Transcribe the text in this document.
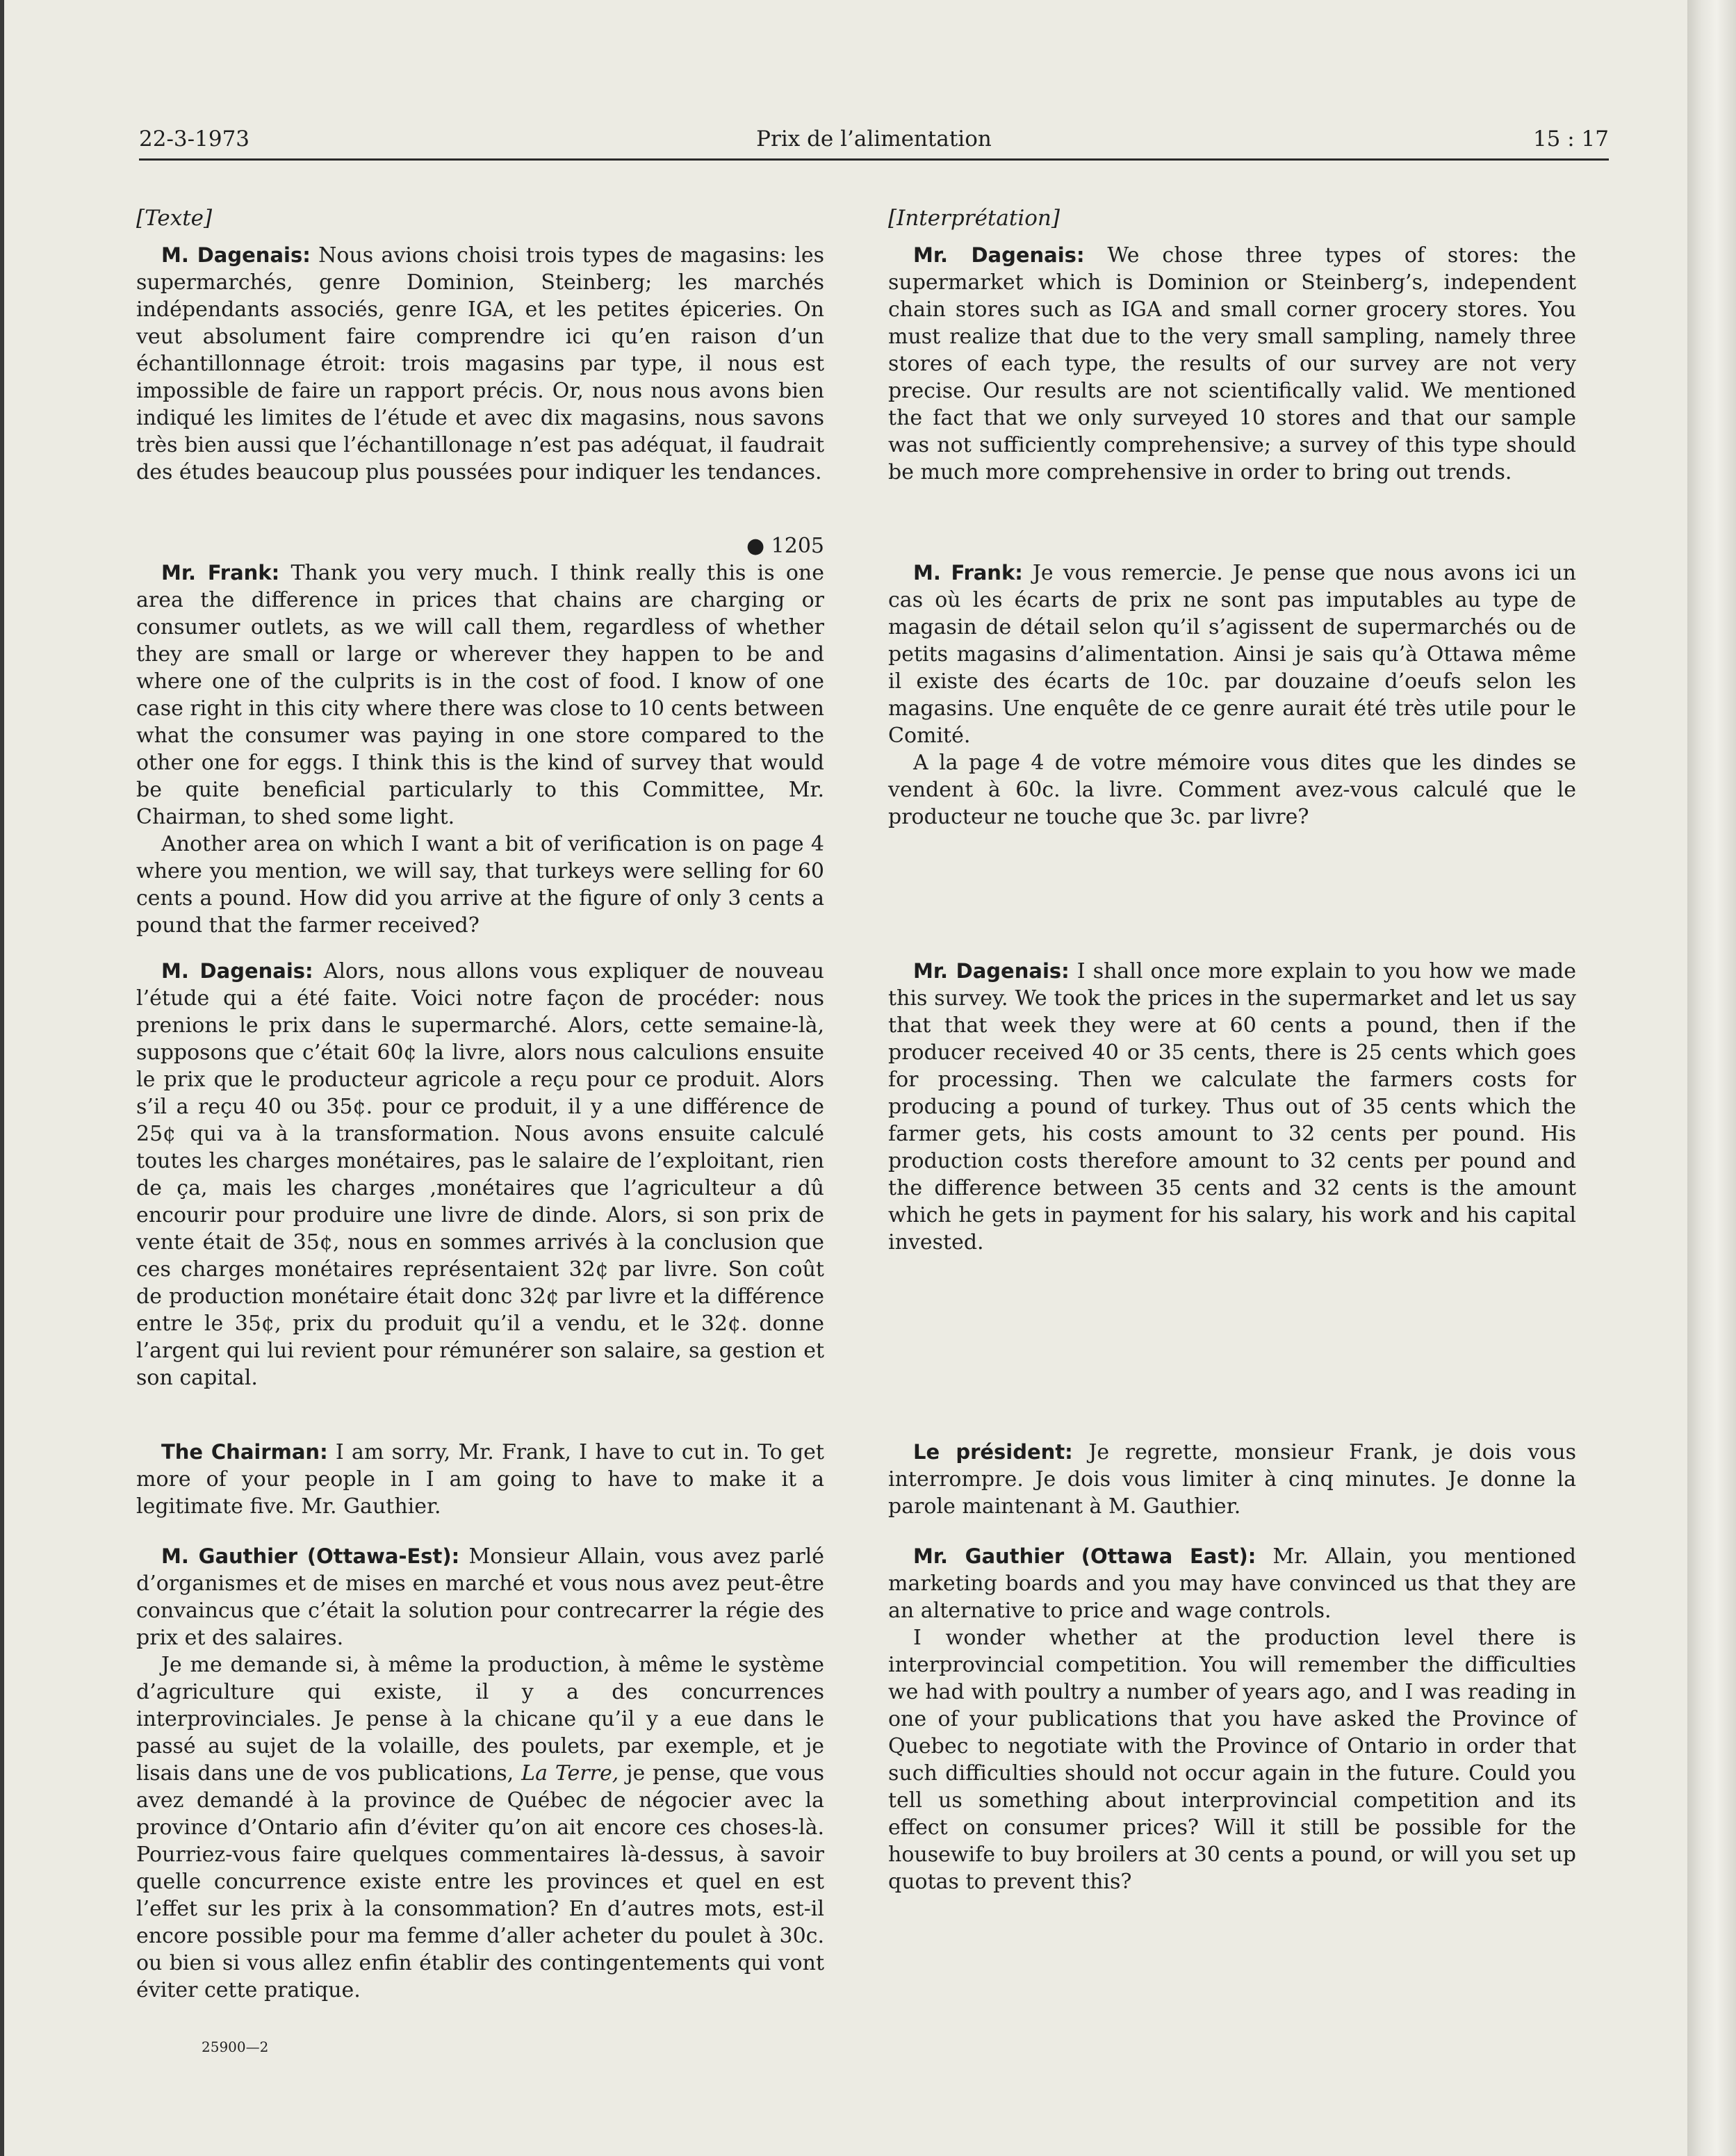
22-3-1973	Prix de l’alimentation	15 : 17
[Texte]

M. Dagenais: Nous avions choisi trois types de magasins: les supermarchés, genre Dominion, Steinberg; les marchés indépendants associés, genre IGA, et les petites épiceries. On veut absolument faire comprendre ici qu’en raison d’un échantillonnage étroit: trois magasins par type, il nous est impossible de faire un rapport précis. Or, nous nous avons bien indiqué les limites de l’étude et avec dix magasins, nous savons très bien aussi que l’échantillonage n’est pas adéquat, il faudrait des études beaucoup plus poussées pour indiquer les tendances.

● 1205

Mr. Frank: Thank you very much. I think really this is one area the difference in prices that chains are charging or consumer outlets, as we will call them, regardless of whether they are small or large or wherever they happen to be and where one of the culprits is in the cost of food. I know of one case right in this city where there was close to 10 cents between what the consumer was paying in one store compared to the other one for eggs. I think this is the kind of survey that would be quite beneficial particularly to this Committee, Mr. Chairman, to shed some light.

Another area on which I want a bit of verification is on page 4 where you mention, we will say, that turkeys were selling for 60 cents a pound. How did you arrive at the figure of only 3 cents a pound that the farmer received?

M. Dagenais: Alors, nous allons vous expliquer de nouveau l’étude qui a été faite. Voici notre façon de procéder: nous prenions le prix dans le supermarché. Alors, cette semaine-là, supposons que c’était 60¢ la livre, alors nous calculions ensuite le prix que le producteur agricole a reçu pour ce produit. Alors s’il a reçu 40 ou 35¢. pour ce produit, il y a une différence de 25¢ qui va à la transformation. Nous avons ensuite calculé toutes les charges monétaires, pas le salaire de l’exploitant, rien de ça, mais les charges ,monétaires que l’agriculteur a dû encourir pour produire une livre de dinde. Alors, si son prix de vente était de 35¢, nous en sommes arrivés à la conclusion que ces charges monétaires représentaient 32¢ par livre. Son coût de production monétaire était donc 32¢ par livre et la différence entre le 35¢, prix du produit qu’il a vendu, et le 32¢. donne l’argent qui lui revient pour rémunérer son salaire, sa gestion et son capital.

The Chairman: I am sorry, Mr. Frank, I have to cut in. To get more of your people in I am going to have to make it a legitimate five. Mr. Gauthier.

M. Gauthier (Ottawa-Est): Monsieur Allain, vous avez parlé d’organismes et de mises en marché et vous nous avez peut-être convaincus que c’était la solution pour contrecarrer la régie des prix et des salaires.

Je me demande si, à même la production, à même le système d’agriculture qui existe, il y a des concurrences interprovinciales. Je pense à la chicane qu’il y a eue dans le passé au sujet de la volaille, des poulets, par exemple, et je lisais dans une de vos publications, La Terre, je pense, que vous avez demandé à la province de Québec de négocier avec la province d’Ontario afin d’éviter qu’on ait encore ces choses-là. Pourriez-vous faire quelques commentaires là-dessus, à savoir quelle concurrence existe entre les provinces et quel en est l’effet sur les prix à la consommation? En d’autres mots, est-il encore possible pour ma femme d’aller acheter du poulet à 30c. ou bien si vous allez enfin établir des contingentements qui vont éviter cette pratique.

25900—2
[Interprétation]

Mr. Dagenais: We chose three types of stores: the supermarket which is Dominion or Steinberg’s, independent chain stores such as IGA and small corner grocery stores. You must realize that due to the very small sampling, namely three stores of each type, the results of our survey are not very precise. Our results are not scientifically valid. We mentioned the fact that we only surveyed 10 stores and that our sample was not sufficiently comprehensive; a survey of this type should be much more comprehensive in order to bring out trends.

M. Frank: Je vous remercie. Je pense que nous avons ici un cas où les écarts de prix ne sont pas imputables au type de magasin de détail selon qu’il s’agissent de supermarchés ou de petits magasins d’alimentation. Ainsi je sais qu’à Ottawa même il existe des écarts de 10c. par douzaine d’oeufs selon les magasins. Une enquête de ce genre aurait été très utile pour le Comité.

A la page 4 de votre mémoire vous dites que les dindes se vendent à 60c. la livre. Comment avez-vous calculé que le producteur ne touche que 3c. par livre?

Mr. Dagenais: I shall once more explain to you how we made this survey. We took the prices in the supermarket and let us say that that week they were at 60 cents a pound, then if the producer received 40 or 35 cents, there is 25 cents which goes for processing. Then we calculate the farmers costs for producing a pound of turkey. Thus out of 35 cents which the farmer gets, his costs amount to 32 cents per pound. His production costs therefore amount to 32 cents per pound and the difference between 35 cents and 32 cents is the amount which he gets in payment for his salary, his work and his capital invested.

Le président: Je regrette, monsieur Frank, je dois vous interrompre. Je dois vous limiter à cinq minutes. Je donne la parole maintenant à M. Gauthier.

Mr. Gauthier (Ottawa East): Mr. Allain, you mentioned marketing boards and you may have convinced us that they are an alternative to price and wage controls.

I wonder whether at the production level there is interprovincial competition. You will remember the difficulties we had with poultry a number of years ago, and I was reading in one of your publications that you have asked the Province of Quebec to negotiate with the Province of Ontario in order that such difficulties should not occur again in the future. Could you tell us something about interprovincial competition and its effect on consumer prices? Will it still be possible for the housewife to buy broilers at 30 cents a pound, or will you set up quotas to prevent this?
